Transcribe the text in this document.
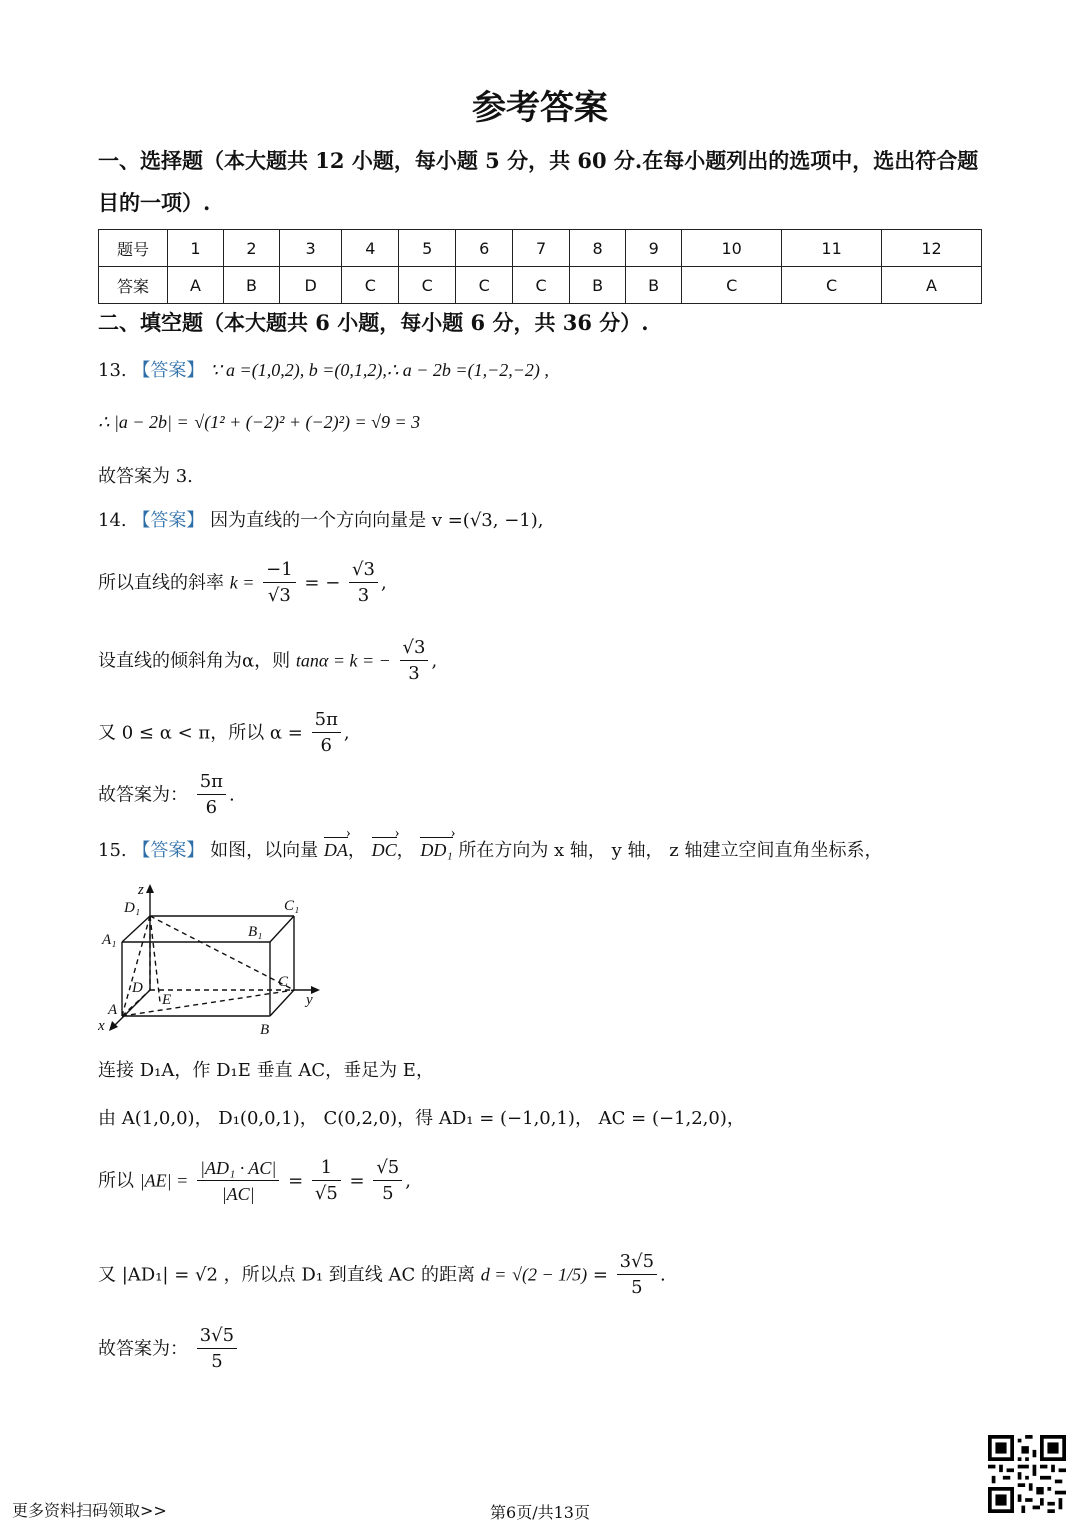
参考答案
一、选择题（本大题共 12 小题，每小题 5 分，共 60 分.在每小题列出的选项中，选出符合题
目的一项）.
题号	1	2	3	4	5	6	7	8	9	10	11	12
答案	A	B	D	C	C	C	C	B	B	C	C	A
二、填空题（本大题共 6 小题，每小题 6 分，共 36 分）.
13. 【答案】 ∵ a =(1,0,2), b =(0,1,2),∴ a − 2b =(1,−2,−2) ,
∴ |a − 2b| = √(1² + (−2)² + (−2)²) = √9 = 3
故答案为 3.
14. 【答案】 因为直线的一个方向向量是 v =(√3, −1),
所以直线的斜率 $k = \frac{-1}{√3}$ = − $\frac{√3}{3}$ ,
设直线的倾斜角为α，则 tanα = k = − $\frac{√3}{3}$ ,
又 0 ≤ α < π，所以 $\alpha = \frac{5\pi}{6}$ ,
故答案为： $\frac{5\pi}{6}$ .
15. 【答案】 如图，以向量 DA ›， DC ›， DD₁ › 所在方向为 x 轴， y 轴， z 轴建立空间直角坐标系，
z
D₁	C₁
A₁	B₁
D
E
C
y
A
x	B
连接 D₁A，作 D₁E 垂直 AC，垂足为 E，
由 A(1,0,0)， D₁(0,0,1)， C(0,2,0)，得 AD₁ = (−1,0,1)， AC = (−1,2,0)，
所以 $|AE| = \frac{\text{|AD₁ · AC|}}{|AC|} = \frac{1}{√5} = \frac{√5}{5}$ ,
又 |AD₁| = √2 ，所以点 D₁ 到直线 AC 的距离 $d = √(2 - 1/5) = \frac{3√5}{5}$ .
故答案为： $\frac{3√5}{5}$
更多资料扫码领取>>	第6页/共13页
